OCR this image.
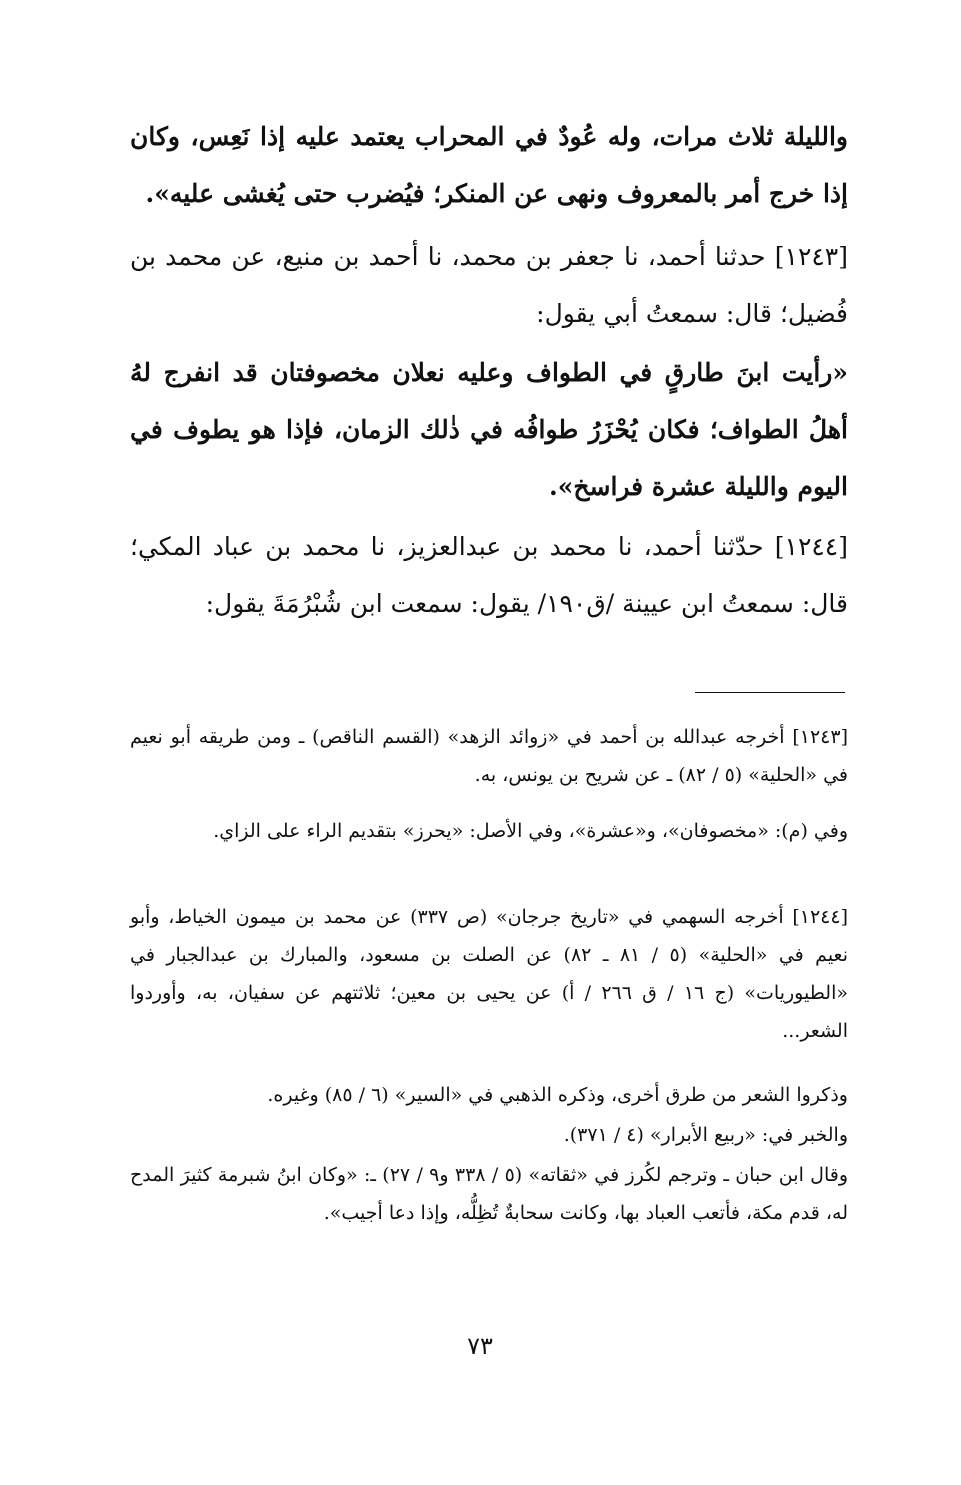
والليلة ثلاث مرات، وله عُودٌ في المحراب يعتمد عليه إذا نَعِس، وكان إذا خرج أمر بالمعروف ونهى عن المنكر؛ فيُضرب حتى يُغشى عليه».

[١٢٤٣] حدثنا أحمد، نا جعفر بن محمد، نا أحمد بن منيع، عن محمد بن فُضيل؛ قال: سمعتُ أبي يقول:

«رأيت ابنَ طارقٍ في الطواف وعليه نعلان مخصوفتان قد انفرج لهُ أهلُ الطواف؛ فكان يُحْزَرُ طوافُه في ذٰلك الزمان، فإذا هو يطوف في اليوم والليلة عشرة فراسخ».

[١٢٤٤] حدّثنا أحمد، نا محمد بن عبدالعزيز، نا محمد بن عباد المكي؛ قال: سمعتُ ابن عيينة /ق١٩٠/ يقول: سمعت ابن شُبْرُمَةَ يقول:

[١٢٤٣] أخرجه عبدالله بن أحمد في «زوائد الزهد» (القسم الناقص) ـ ومن طريقه أبو نعيم في «الحلية» (٥ / ٨٢) ـ عن شريح بن يونس، به.

وفي (م): «مخصوفان»، و«عشرة»، وفي الأصل: «يحرز» بتقديم الراء على الزاي.

[١٢٤٤] أخرجه السهمي في «تاريخ جرجان» (ص ٣٣٧) عن محمد بن ميمون الخياط، وأبو نعيم في «الحلية» (٥ / ٨١ ـ ٨٢) عن الصلت بن مسعود، والمبارك بن عبدالجبار في «الطيوريات» (ج ١٦ / ق ٢٦٦ / أ) عن يحيى بن معين؛ ثلاثتهم عن سفيان، به، وأوردوا الشعر...

وذكروا الشعر من طرق أخرى، وذكره الذهبي في «السير» (٦ / ٨٥) وغيره.

والخبر في: «ربيع الأبرار» (٤ / ٣٧١).

وقال ابن حبان ـ وترجم لكُرز في «ثقاته» (٥ / ٣٣٨ و٩ / ٢٧) ـ: «وكان ابنُ شبرمة كثيرَ المدح له، قدم مكة، فأتعب العباد بها، وكانت سحابةٌ تُظِلُّه، وإذا دعا أجيب».

٧٣
